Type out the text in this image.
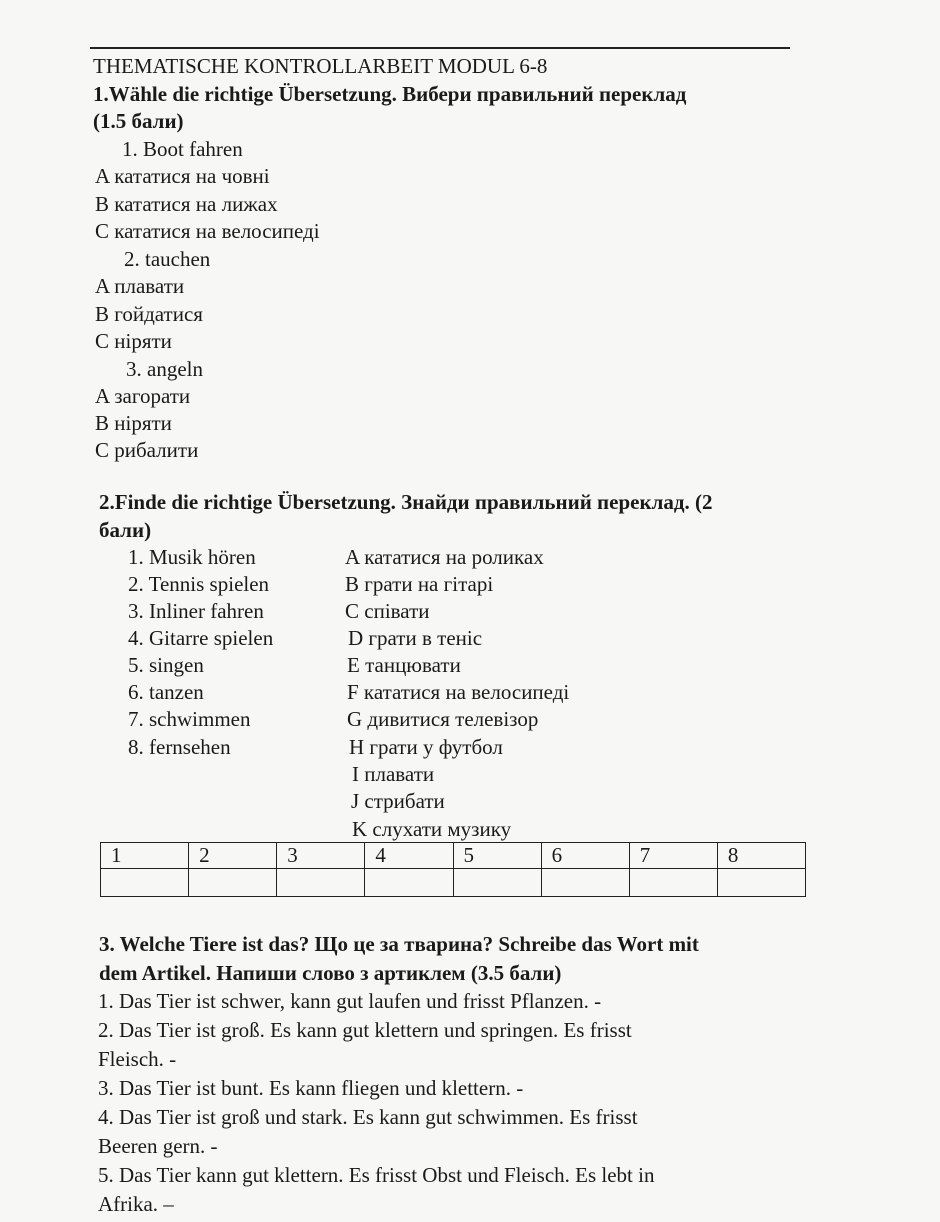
THEMATISCHE KONTROLLARBEIT MODUL 6-8
1.Wähle die richtige Übersetzung. Вибери правильний переклад
(1.5 бали)
1. Boot fahren
A кататися на човні
B кататися на лижах
C кататися на велосипеді
2. tauchen
A плавати
B гойдатися
C нiряти
3. angeln
A загорати
B нiряти
C рибалити
2.Finde die richtige Übersetzung. Знайди правильний переклад. (2
бали)
1. Musik hören
2. Tennis spielen
3. Inliner fahren
4. Gitarre spielen
5. singen
6. tanzen
7. schwimmen
8. fernsehen
A кататися на роликах
B грати на гітарі
C співати
D грати в теніс
E танцювати
F кататися на велосипеді
G дивитися телевізор
H грати у футбол
I плавати
J стрибати
K слухати музику
1	2	3	4	5	6	7	8

3. Welche Tiere ist das? Що це за тварина? Schreibe das Wort mit
dem Artikel. Напиши слово з артиклем (3.5 бали)
1. Das Tier ist schwer, kann gut laufen und frisst Pflanzen. -
2. Das Tier ist groß. Es kann gut klettern und springen. Es frisst
Fleisch. -
3. Das Tier ist bunt. Es kann fliegen und klettern. -
4. Das Tier ist groß und stark. Es kann gut schwimmen. Es frisst
Beeren gern. -
5. Das Tier kann gut klettern. Es frisst Obst und Fleisch. Es lebt in
Afrika. –
